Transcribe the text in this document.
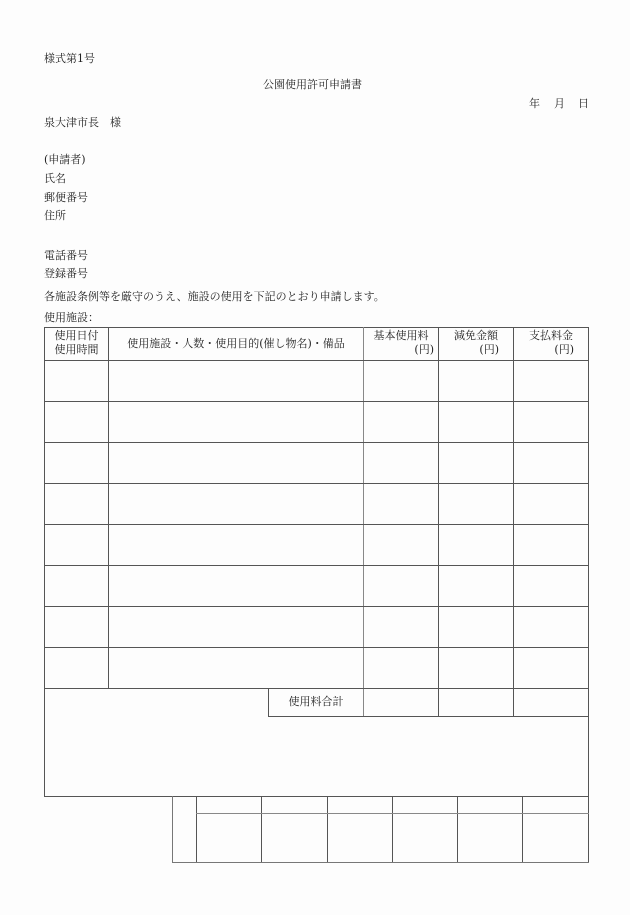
様式第1号
公園使用許可申請書
年 月 日
泉大津市長　様
(申請者)
氏名
郵便番号
住所
電話番号
登録番号
各施設条例等を厳守のうえ、施設の使用を下記のとおり申請します。
使用施設：
使用日付
使用時間	使用施設・人数・使用目的(催し物名)・備品
基本使用料
(円)
減免金額
(円)
支払料金
(円)
使用料合計
